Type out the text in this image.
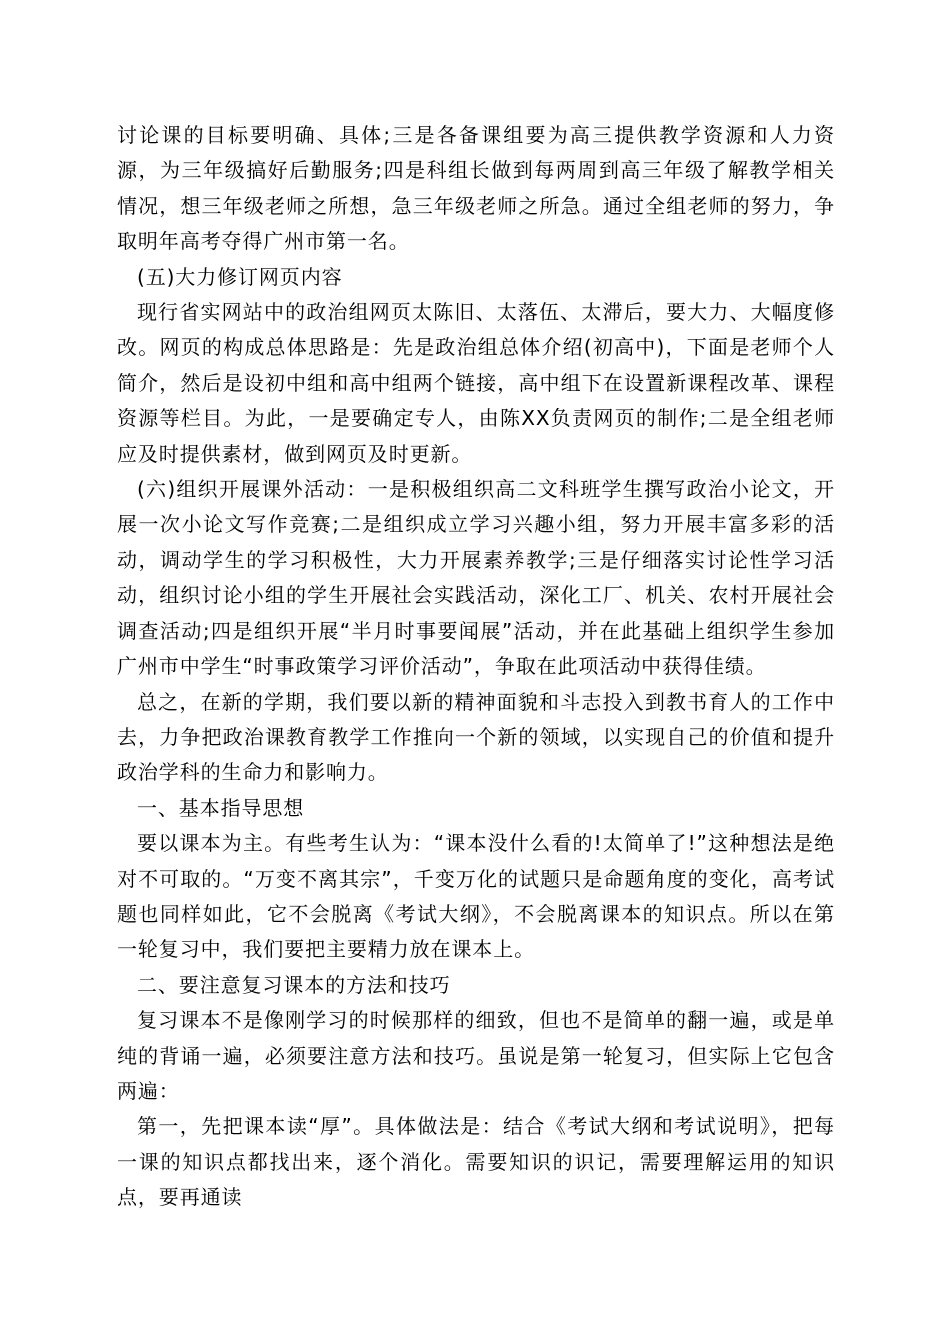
讨论课的目标要明确、具体;三是各备课组要为高三提供教学资源和人力资源，为三年级搞好后勤服务;四是科组长做到每两周到高三年级了解教学相关情况，想三年级老师之所想，急三年级老师之所急。通过全组老师的努力，争取明年高考夺得广州市第一名。

(五)大力修订网页内容

现行省实网站中的政治组网页太陈旧、太落伍、太滞后，要大力、大幅度修改。网页的构成总体思路是：先是政治组总体介绍(初高中)，下面是老师个人简介，然后是设初中组和高中组两个链接，高中组下在设置新课程改革、课程资源等栏目。为此，一是要确定专人，由陈XX负责网页的制作;二是全组老师应及时提供素材，做到网页及时更新。

(六)组织开展课外活动：一是积极组织高二文科班学生撰写政治小论文，开展一次小论文写作竞赛;二是组织成立学习兴趣小组，努力开展丰富多彩的活动，调动学生的学习积极性，大力开展素养教学;三是仔细落实讨论性学习活动，组织讨论小组的学生开展社会实践活动，深化工厂、机关、农村开展社会调查活动;四是组织开展“半月时事要闻展”活动，并在此基础上组织学生参加广州市中学生“时事政策学习评价活动”，争取在此项活动中获得佳绩。

总之，在新的学期，我们要以新的精神面貌和斗志投入到教书育人的工作中去，力争把政治课教育教学工作推向一个新的领域，以实现自己的价值和提升政治学科的生命力和影响力。

一、基本指导思想

要以课本为主。有些考生认为：“课本没什么看的!太简单了!”这种想法是绝对不可取的。“万变不离其宗”，千变万化的试题只是命题角度的变化，高考试题也同样如此，它不会脱离《考试大纲》，不会脱离课本的知识点。所以在第一轮复习中，我们要把主要精力放在课本上。

二、要注意复习课本的方法和技巧

复习课本不是像刚学习的时候那样的细致，但也不是简单的翻一遍，或是单纯的背诵一遍，必须要注意方法和技巧。虽说是第一轮复习，但实际上它包含两遍：

第一，先把课本读“厚”。具体做法是：结合《考试大纲和考试说明》，把每一课的知识点都找出来，逐个消化。需要知识的识记，需要理解运用的知识点，要再通读
